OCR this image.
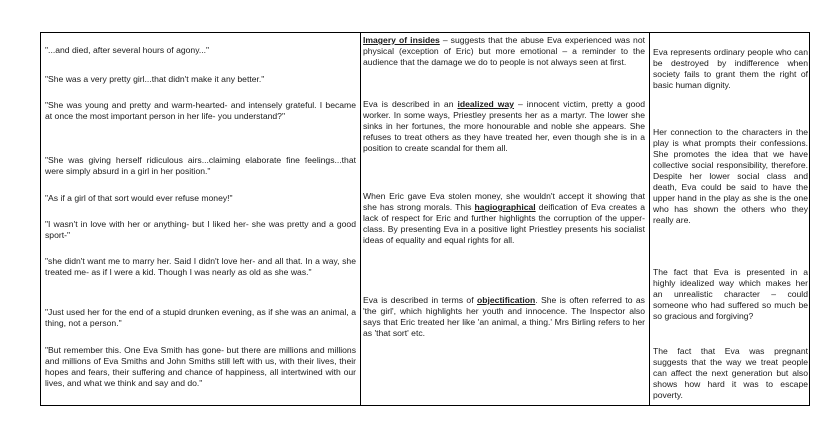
"...and died, after several hours of agony..."
"She was a very pretty girl...that didn't make it any better."
"She was young and pretty and warm-hearted- and intensely grateful. I became at once the most important person in her life- you understand?"
"She was giving herself ridiculous airs...claiming elaborate fine feelings...that were simply absurd in a girl in her position."
"As if a girl of that sort would ever refuse money!"
"I wasn't in love with her or anything- but I liked her- she was pretty and a good sport-"
"she didn't want me to marry her. Said I didn't love her- and all that. In a way, she treated me- as if I were a kid. Though I was nearly as old as she was."
"Just used her for the end of a stupid drunken evening, as if she was an animal, a thing, not a person."
"But remember this. One Eva Smith has gone- but there are millions and millions and millions of Eva Smiths and John Smiths still left with us, with their lives, their hopes and fears, their suffering and chance of happiness, all intertwined with our lives, and what we think and say and do."
Imagery of insides – suggests that the abuse Eva experienced was not physical (exception of Eric) but more emotional – a reminder to the audience that the damage we do to people is not always seen at first.
Eva is described in an idealized way – innocent victim, pretty a good worker. In some ways, Priestley presents her as a martyr. The lower she sinks in her fortunes, the more honourable and noble she appears. She refuses to treat others as they have treated her, even though she is in a position to create scandal for them all.
When Eric gave Eva stolen money, she wouldn't accept it showing that she has strong morals. This hagiographical deification of Eva creates a lack of respect for Eric and further highlights the corruption of the upper-class. By presenting Eva in a positive light Priestley presents his socialist ideas of equality and equal rights for all.
Eva is described in terms of objectification. She is often referred to as 'the girl', which highlights her youth and innocence. The Inspector also says that Eric treated her like 'an animal, a thing.' Mrs Birling refers to her as 'that sort' etc.
Eva represents ordinary people who can be destroyed by indifference when society fails to grant them the right of basic human dignity.
Her connection to the characters in the play is what prompts their confessions. She promotes the idea that we have collective social responsibility, therefore. Despite her lower social class and death, Eva could be said to have the upper hand in the play as she is the one who has shown the others who they really are.
The fact that Eva is presented in a highly idealized way which makes her an unrealistic character – could someone who had suffered so much be so gracious and forgiving?
The fact that Eva was pregnant suggests that the way we treat people can affect the next generation but also shows how hard it was to escape poverty.
